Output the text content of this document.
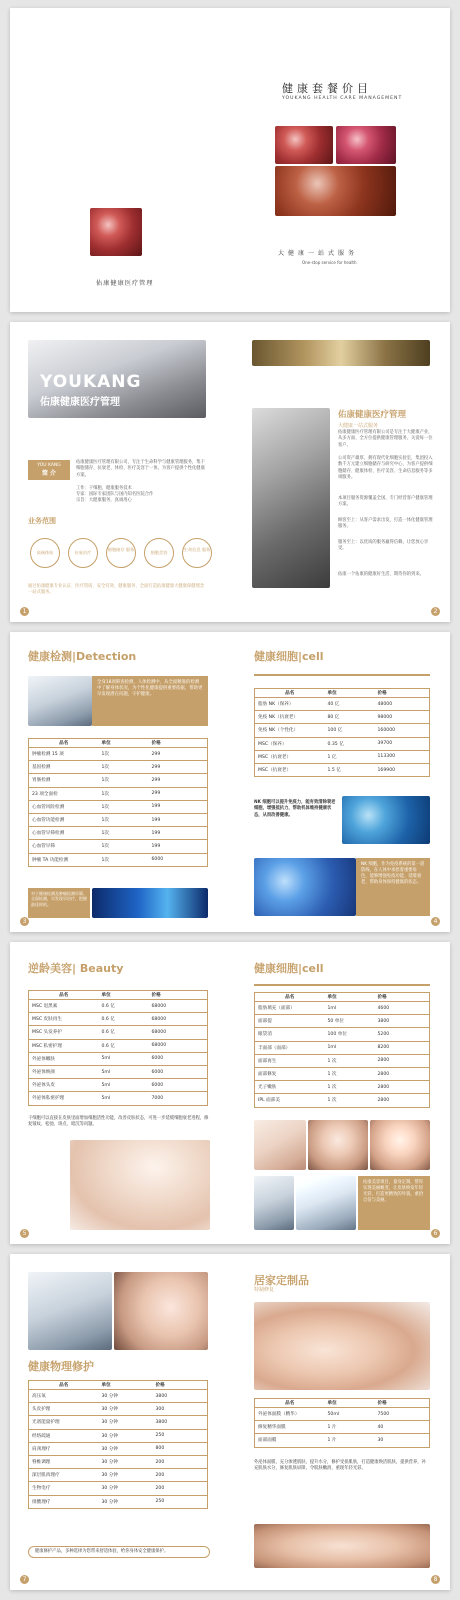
佑康健康医疗管理
健康套餐价目
YOUKANG HEALTH CARE MANAGEMENT
大健康一站式服务
One-stop service for health
YOUKANG
佑康健康医疗管理
YOU KANG
简 介
佑康健康医疗管理有限公司，专注于生命科学与健康管理服务，集干细胞储存、抗衰老、体检、医疗美容于一体，为客户提供个性化健康方案。
工作：干细胞、健康服务技术
专家：国际专家团队与国内知名医院合作
宗旨：大健康服务，真诚用心
业务范围
高端体检	抗衰治疗
细胞储存 服务
细胞美容
生命信息 服务
通过佑康健康专业认证、医疗资质、安全有效、健康服务、全面打造佑康健康大健康保健理念一站式服务。
1
佑康健康医疗管理
大健康一站式服务
佑康健康医疗管理有限公司是专注于大健康产业，从多方面、全方位提供健康管理服务，关爱每一位客户。
公司资产雄厚、拥有现代化细胞实验室，集团投入数千万元建立细胞储存与研究中心，为客户提供细胞储存、健康体检、医疗美容、生命信息服务等多项服务。
本项目服务资源覆盖全国，专门经营客户健康管理方案。
顾客至上：从客户需求出发，打造一体化健康管理服务。
服务至上：以优质的服务赢得信赖，让您放心享受。
佑康一个佑康的健康好生活，期待你的到来。
2
健康检测|Detection
全身18项筛查检测，人体检测中，从全面精准的检测中了解身体状况，为个性化健康提供重要依据，帮助更早发现潜在问题，守护健康。
品名	单位	价格
肿瘤检测 15 项	1次	299
基因检测	1次	299
胃肠检测	1次	299
23 项全面检	1次	299
心血管风险检测	1次	199
心血管功能检测	1次	199
心血管早筛检测	1次	199
心血管早筛	1次	199
肿瘤 TA 功能检测	1次	6000
对于健康检测及肿瘤检测早筛、全面检测，早发现早治疗，把握最佳时机。
3
健康细胞|cell
品名	单位	价格
脂肪 NK（保养）	40 亿	48000
免疫 NK（抗衰老）	80 亿	98000
免疫 NK（个性化）	100 亿	160000
MSC（保养）	0.35 亿	39700
MSC（抗衰老）	1 亿	113300
MSC（抗衰老）	1.5 亿	169900
NK 细胞可以提升免疫力，能有效清除衰老细胞，增强抵抗力，帮助机体维持健康状态，从而改善健康。
NK 细胞，作为免疫系统的第一道防线，在人体中承担着重要角色，能够增强免疫功能、延缓衰老，帮助身体保持健康的状态。
4
逆龄美容| Beauty
品名	单位	价格
MSC 退黑素	0.6 亿	68000
MSC 皮肤再生	0.6 亿	68000
MSC 头发养护	0.6 亿	68000
MSC 私密护理	0.6 亿	68000
外泌体嫩肤	5ml	6000
外泌体焕颜	5ml	6000
外泌体头皮	5ml	6000
外泌体私密护理	5ml	7000
干细胞可以直接在皮肤里面增加细胞活性功能，改善皮肤状态，可进一步延缓细胞衰老进程，修复皱纹、松弛、斑点、暗沉等问题。
5
健康细胞|cell
品名	单位	价格
脂肪填充（面部）	1ml	4600
面部提	50 单位	3800
眼袋消	100 单位	5200
丰面部（面部）	1ml	8200
面部再生	1 次	2800
面部修复	1 次	2800
光子嫩肤	1 次	2800
IPL 面部美	1 次	2800
佑康美容项目，量身定制，帮你实现美丽蜕变，让皮肤焕发年轻光彩，打造更精致的外貌，重拾自信与美丽。
6
健康物理修护
品名	单位	价格
高压氧	30 分钟	3800
头皮护理	30 分钟	300
光谱能量护理	30 分钟	3800
经络疏通	30 分钟	250
肩颈理疗	30 分钟	800
脊椎调理	30 分钟	200
深层肌肉理疗	30 分钟	200
生物电疗	30 分钟	200
排酸理疗	30 分钟	250
健康修护产品，多种选择为您带来舒适体验，给你身体安全健康保护。
7
居家定制品
特制修复
品名	单位	价格
外泌体面膜（精华）	50ml	7500
修复精华面膜	1 片	40
面部面膜	1 片	30
外泌体面膜，充分渗透肌肤，提升水分，修护受损肌肤，打造健康焕活肌肤，提供营养，补充肌肤水分，修复肌肤屏障，令肌肤嫩滑，重现年轻光彩。
8
